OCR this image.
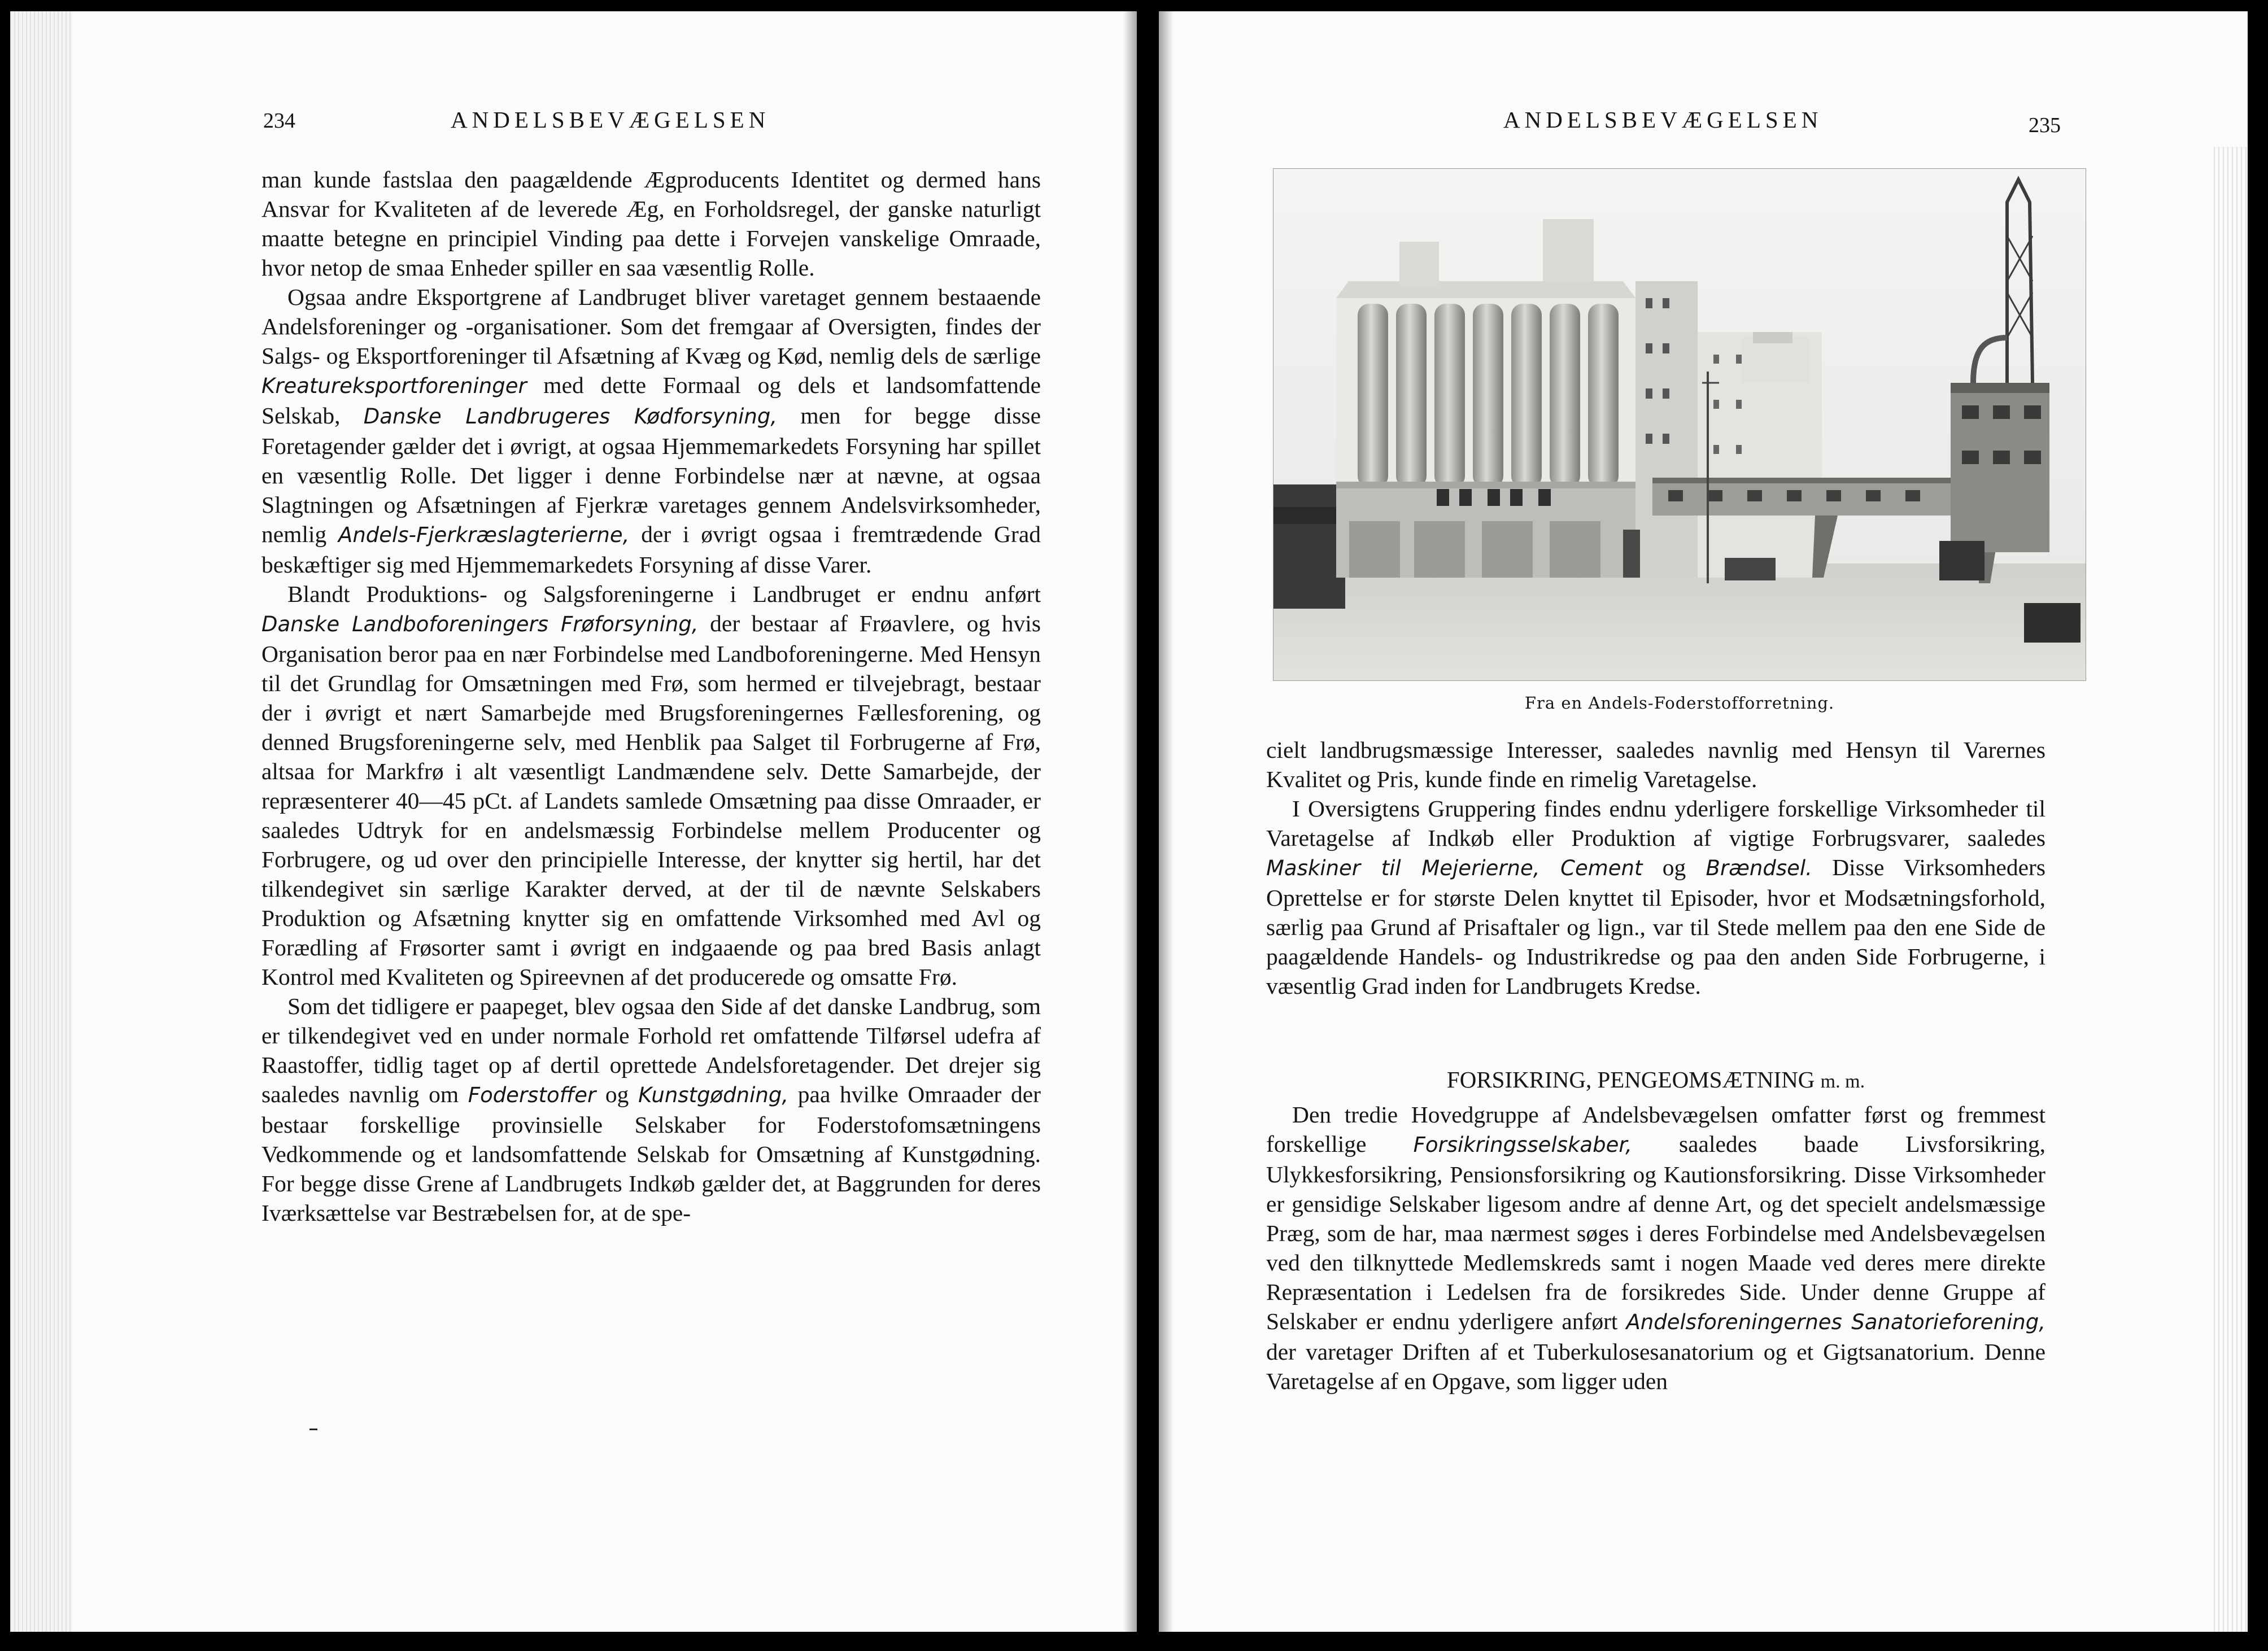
234	ANDELSBEVÆGELSEN

man kunde fastslaa den paagældende Ægproducents Identitet og dermed hans Ansvar for Kvaliteten af de leverede Æg, en Forholdsregel, der ganske naturligt maatte betegne en principiel Vinding paa dette i Forvejen vanskelige Omraade, hvor netop de smaa Enheder spiller en saa væsentlig Rolle.

Ogsaa andre Eksportgrene af Landbruget bliver varetaget gennem bestaaende Andelsforeninger og -organisationer. Som det fremgaar af Oversigten, findes der Salgs- og Eksportforeninger til Afsætning af Kvæg og Kød, nemlig dels de særlige Kreatureksportforeninger med dette Formaal og dels et landsomfattende Selskab, Danske Landbrugeres Kødforsyning, men for begge disse Foretagender gælder det i øvrigt, at ogsaa Hjemmemarkedets Forsyning har spillet en væsentlig Rolle. Det ligger i denne Forbindelse nær at nævne, at ogsaa Slagtningen og Afsætningen af Fjerkræ varetages gennem Andelsvirksomheder, nemlig Andels-Fjerkræslagterierne, der i øvrigt ogsaa i fremtrædende Grad beskæftiger sig med Hjemmemarkedets Forsyning af disse Varer.

Blandt Produktions- og Salgsforeningerne i Landbruget er endnu anført Danske Landboforeningers Frøforsyning, der bestaar af Frøavlere, og hvis Organisation beror paa en nær Forbindelse med Landboforeningerne. Med Hensyn til det Grundlag for Omsætningen med Frø, som hermed er tilvejebragt, bestaar der i øvrigt et nært Samarbejde med Brugsforeningernes Fællesforening, og denned Brugsforeningerne selv, med Henblik paa Salget til Forbrugerne af Frø, altsaa for Markfrø i alt væsentligt Landmændene selv. Dette Samarbejde, der repræsenterer 40—45 pCt. af Landets samlede Omsætning paa disse Omraader, er saaledes Udtryk for en andelsmæssig Forbindelse mellem Producenter og Forbrugere, og ud over den principielle Interesse, der knytter sig hertil, har det tilkendegivet sin særlige Karakter derved, at der til de nævnte Selskabers Produktion og Afsætning knytter sig en omfattende Virksomhed med Avl og Forædling af Frøsorter samt i øvrigt en indgaaende og paa bred Basis anlagt Kontrol med Kvaliteten og Spireevnen af det producerede og omsatte Frø.

Som det tidligere er paapeget, blev ogsaa den Side af det danske Landbrug, som er tilkendegivet ved en under normale Forhold ret omfattende Tilførsel udefra af Raastoffer, tidlig taget op af dertil oprettede Andelsforetagender. Det drejer sig saaledes navnlig om Foderstoffer og Kunstgødning, paa hvilke Omraader der bestaar forskellige provinsielle Selskaber for Foderstofomsætningens Vedkommende og et landsomfattende Selskab for Omsætning af Kunstgødning. For begge disse Grene af Landbrugets Indkøb gælder det, at Baggrunden for deres Iværksættelse var Bestræbelsen for, at de spe-

ANDELSBEVÆGELSEN	235
Fra en Andels-Foderstofforretning.

cielt landbrugsmæssige Interesser, saaledes navnlig med Hensyn til Varernes Kvalitet og Pris, kunde finde en rimelig Varetagelse.

I Oversigtens Gruppering findes endnu yderligere forskellige Virksomheder til Varetagelse af Indkøb eller Produktion af vigtige Forbrugsvarer, saaledes Maskiner til Mejerierne, Cement og Brændsel. Disse Virksomheders Oprettelse er for største Delen knyttet til Episoder, hvor et Modsætningsforhold, særlig paa Grund af Prisaftaler og lign., var til Stede mellem paa den ene Side de paagældende Handels- og Industrikredse og paa den anden Side Forbrugerne, i væsentlig Grad inden for Landbrugets Kredse.

FORSIKRING, PENGEOMSÆTNING m. m.

Den tredie Hovedgruppe af Andelsbevægelsen omfatter først og fremmest forskellige Forsikringsselskaber, saaledes baade Livsforsikring, Ulykkesforsikring, Pensionsforsikring og Kautionsforsikring. Disse Virksomheder er gensidige Selskaber ligesom andre af denne Art, og det specielt andelsmæssige Præg, som de har, maa nærmest søges i deres Forbindelse med Andelsbevægelsen ved den tilknyttede Medlemskreds samt i nogen Maade ved deres mere direkte Repræsentation i Ledelsen fra de forsikredes Side. Under denne Gruppe af Selskaber er endnu yderligere anført Andelsforeningernes Sanatorieforening, der varetager Driften af et Tuberkulosesanatorium og et Gigtsanatorium. Denne Varetagelse af en Opgave, som ligger uden
